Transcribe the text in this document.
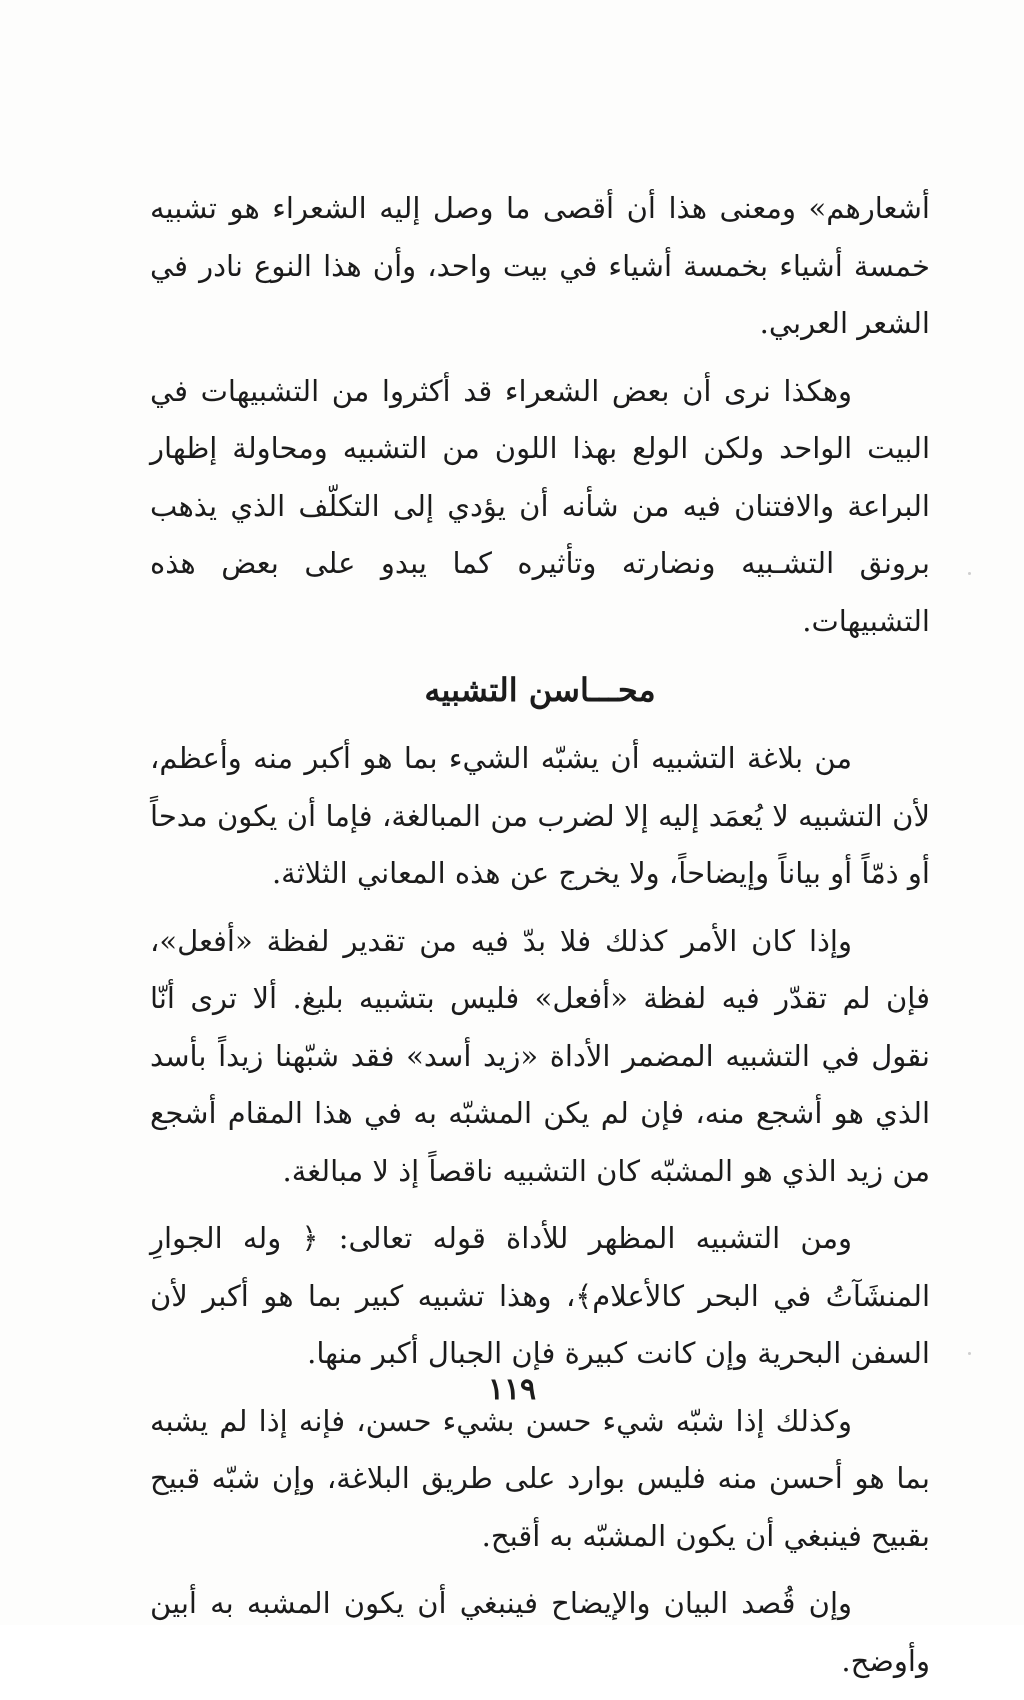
أشعارهم» ومعنى هذا أن أقصى ما وصل إليه الشعراء هو تشبيه خمسة أشياء بخمسة أشياء في بيت واحد، وأن هذا النوع نادر في الشعر العربي.

وهكذا نرى أن بعض الشعراء قد أكثروا من التشبيهات في البيت الواحد ولكن الولع بهذا اللون من التشبيه ومحاولة إظهار البراعة والافتنان فيه من شأنه أن يؤدي إلى التكلّف الذي يذهب برونق التشـبيه ونضارته وتأثيره كما يبدو على بعض هذه التشبيهات.

محـــاسن التشبيه

من بلاغة التشبيه أن يشبّه الشيء بما هو أكبر منه وأعظم، لأن التشبيه لا يُعمَد إليه إلا لضرب من المبالغة، فإما أن يكون مدحاً أو ذمّاً أو بياناً وإيضاحاً، ولا يخرج عن هذه المعاني الثلاثة.

وإذا كان الأمر كذلك فلا بدّ فيه من تقدير لفظة «أفعل»، فإن لم تقدّر فيه لفظة «أفعل» فليس بتشبيه بليغ. ألا ترى أنّا نقول في التشبيه المضمر الأداة «زيد أسد» فقد شبّهنا زيداً بأسد الذي هو أشجع منه، فإن لم يكن المشبّه به في هذا المقام أشجع من زيد الذي هو المشبّه كان التشبيه ناقصاً إذ لا مبالغة.

ومن التشبيه المظهر للأداة قوله تعالى: ﴿ وله الجوارِ المنشَآتُ في البحر كالأعلام﴾، وهذا تشبيه كبير بما هو أكبر لأن السفن البحرية وإن كانت كبيرة فإن الجبال أكبر منها.

وكذلك إذا شبّه شيء حسن بشيء حسن، فإنه إذا لم يشبه بما هو أحسن منه فليس بوارد على طريق البلاغة، وإن شبّه قبيح بقبيح فينبغي أن يكون المشبّه به أقبح.

وإن قُصد البيان والإيضاح فينبغي أن يكون المشبه به أبين وأوضح.

١١٩
